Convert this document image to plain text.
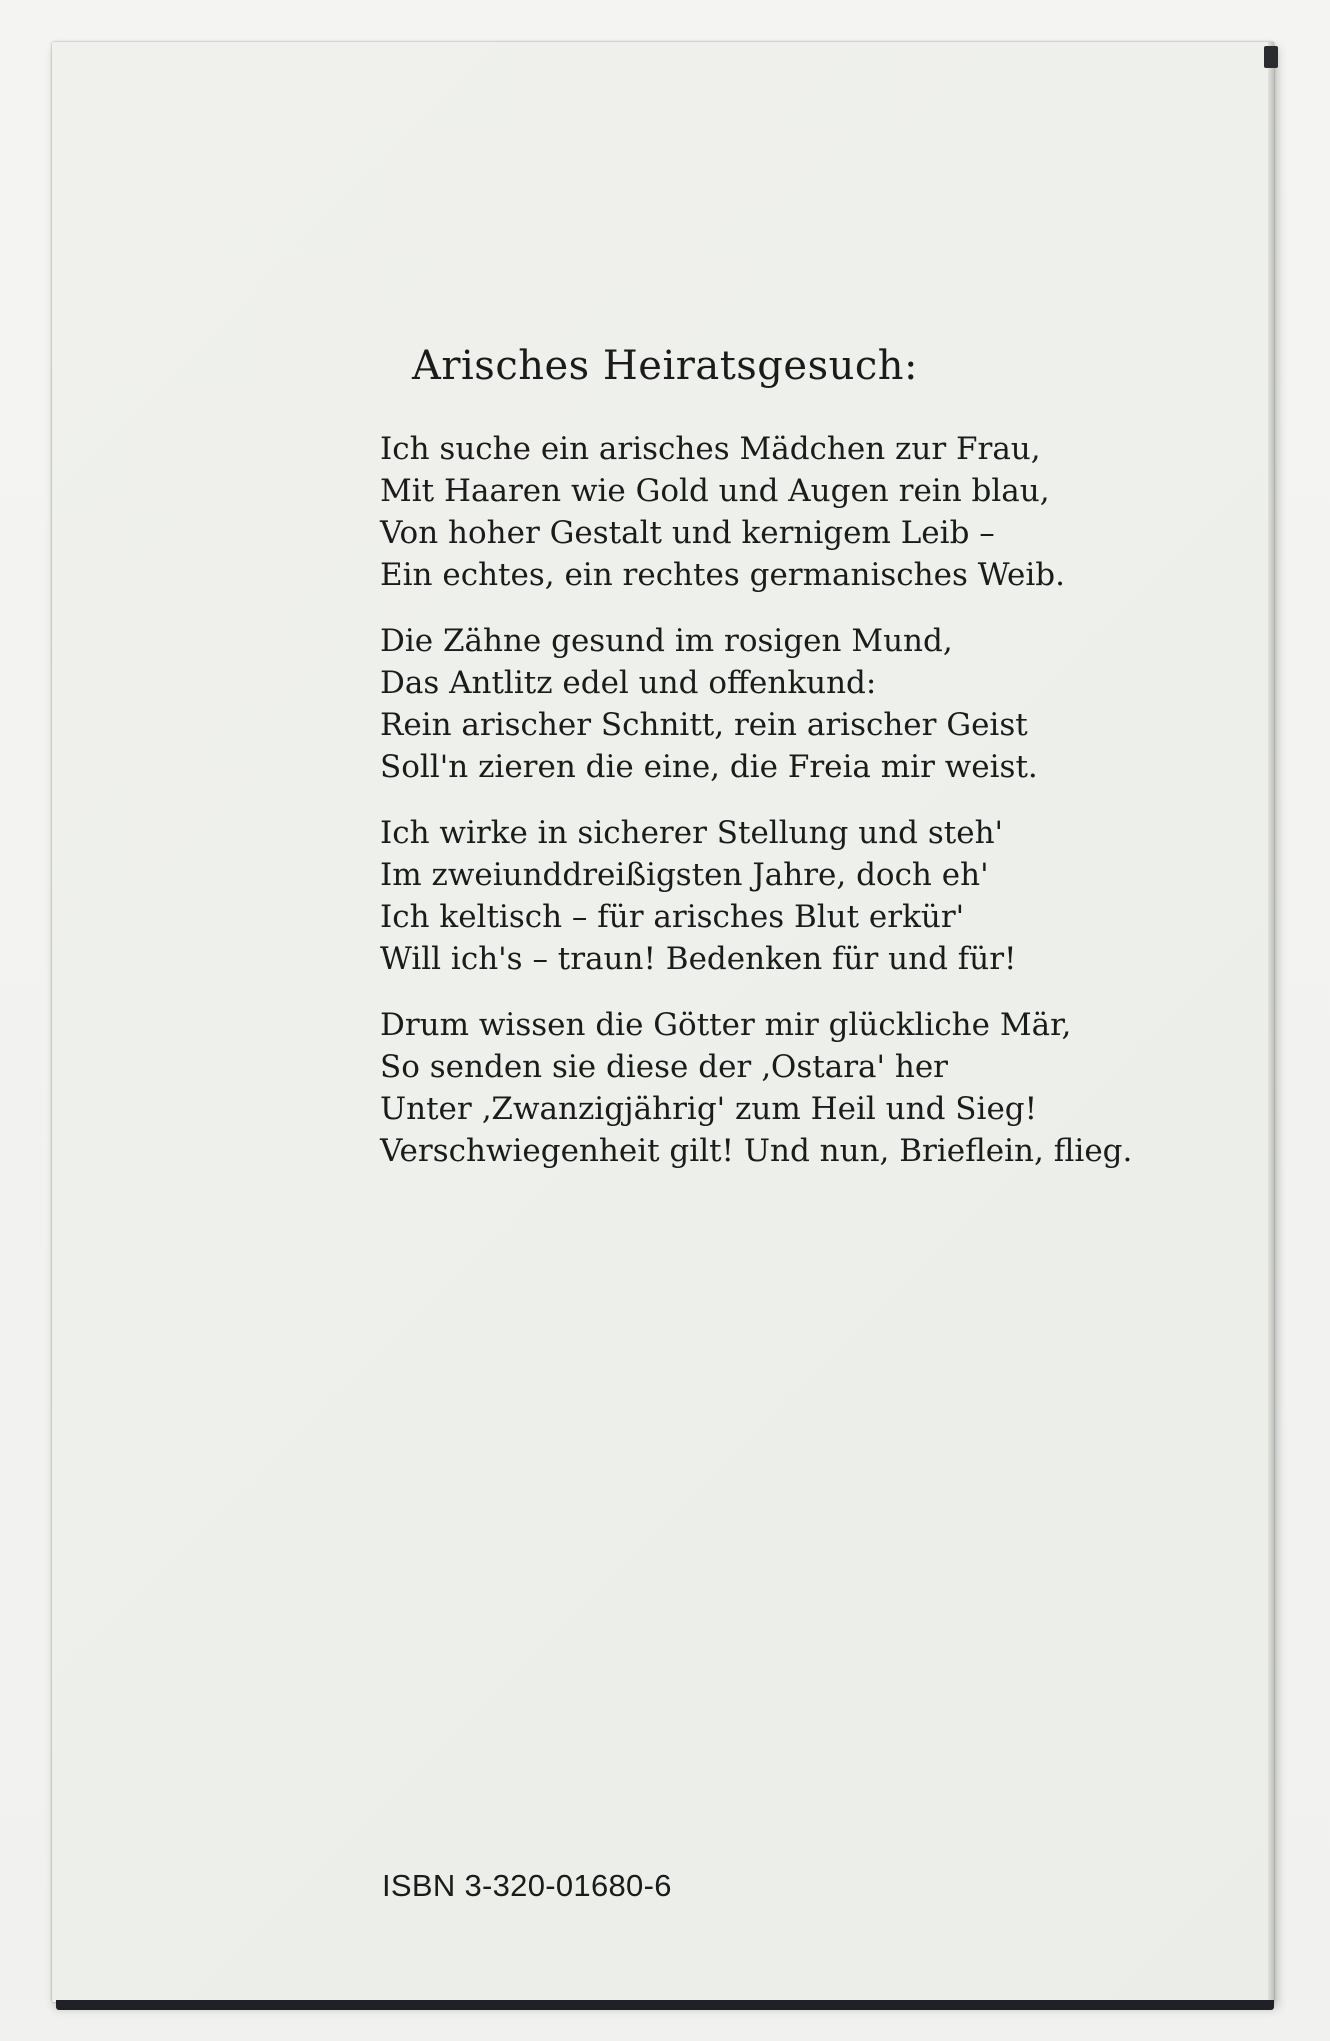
Arisches Heiratsgesuch:
Ich suche ein arisches Mädchen zur Frau,
Mit Haaren wie Gold und Augen rein blau,
Von hoher Gestalt und kernigem Leib –
Ein echtes, ein rechtes germanisches Weib.
Die Zähne gesund im rosigen Mund,
Das Antlitz edel und offenkund:
Rein arischer Schnitt, rein arischer Geist
Soll'n zieren die eine, die Freia mir weist.
Ich wirke in sicherer Stellung und steh'
Im zweiunddreißigsten Jahre, doch eh'
Ich keltisch – für arisches Blut erkür'
Will ich's – traun! Bedenken für und für!
Drum wissen die Götter mir glückliche Mär,
So senden sie diese der ‚Ostara' her
Unter ‚Zwanzigjährig' zum Heil und Sieg!
Verschwiegenheit gilt! Und nun, Brieflein, flieg.
ISBN 3-320-01680-6
